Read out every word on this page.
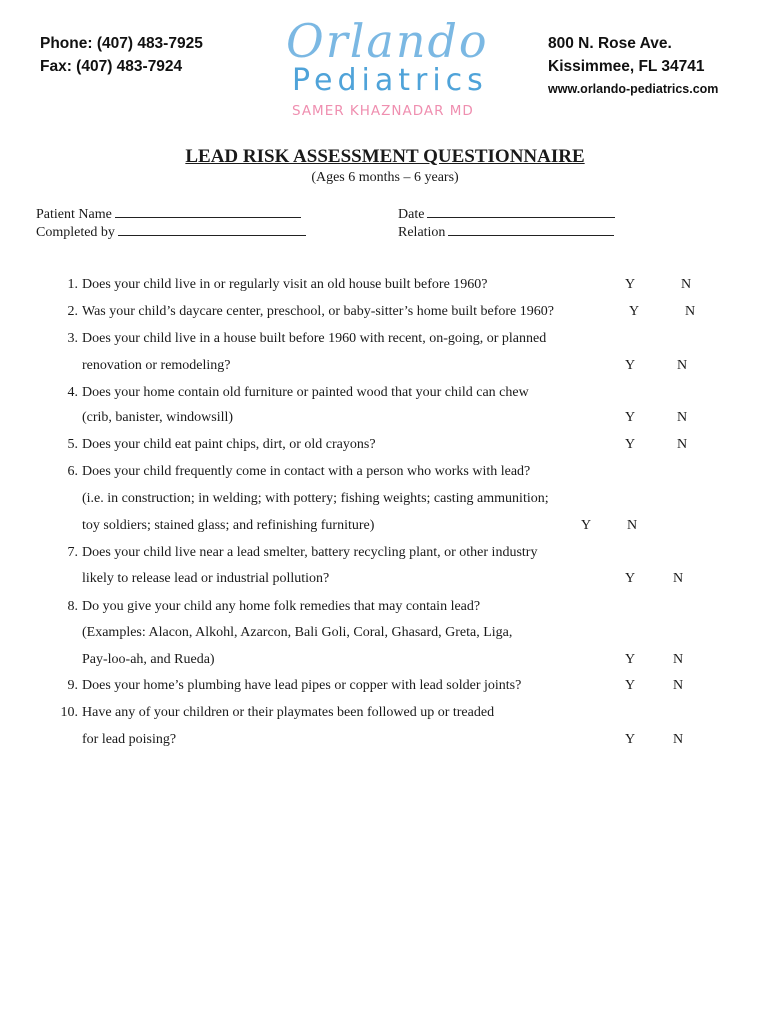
Phone: (407) 483-7925
Fax: (407) 483-7924	Orlando
Pediatrics
SAMER KHAZNADAR MD
800 N. Rose Ave.
Kissimmee, FL 34741
www.orlando-pediatrics.com
LEAD RISK ASSESSMENT QUESTIONNAIRE
(Ages 6 months – 6 years)
Patient Name
Completed by
Date
Relation
1. Does your child live in or regularly visit an old house built before 1960?	Y	N
2. Was your child’s daycare center, preschool, or baby-sitter’s home built before 1960?	Y	N
3. Does your child live in a house built before 1960 with recent, on-going, or planned
renovation or remodeling?	Y	N
4. Does your home contain old furniture or painted wood that your child can chew
(crib, banister, windowsill)	Y	N
5. Does your child eat paint chips, dirt, or old crayons?	Y	N
6. Does your child frequently come in contact with a person who works with lead?
(i.e. in construction; in welding; with pottery; fishing weights; casting ammunition;
toy soldiers; stained glass; and refinishing furniture)	Y	N
7. Does your child live near a lead smelter, battery recycling plant, or other industry
likely to release lead or industrial pollution?	Y	N
8. Do you give your child any home folk remedies that may contain lead?
(Examples: Alacon, Alkohl, Azarcon, Bali Goli, Coral, Ghasard, Greta, Liga,
Pay-loo-ah, and Rueda)	Y	N
9. Does your home’s plumbing have lead pipes or copper with lead solder joints?	Y	N
10. Have any of your children or their playmates been followed up or treaded
for lead poising?	Y	N
